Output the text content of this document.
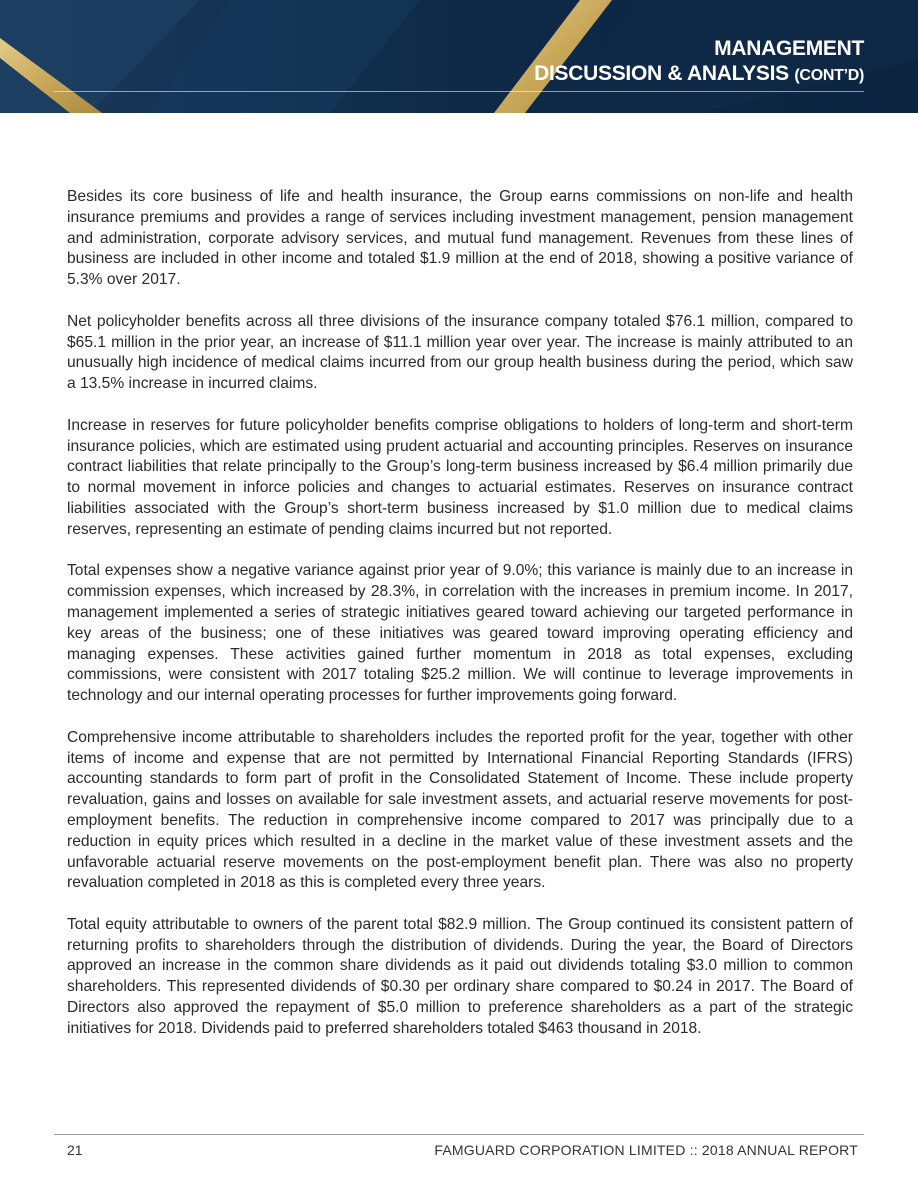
MANAGEMENT
DISCUSSION & ANALYSIS (CONT’D)

Besides its core business of life and health insurance, the Group earns commissions on non-life and health insurance premiums and provides a range of services including investment management, pension management and administration, corporate advisory services, and mutual fund management. Revenues from these lines of business are included in other income and totaled $1.9 million at the end of 2018, showing a positive variance of 5.3% over 2017.

Net policyholder benefits across all three divisions of the insurance company totaled $76.1 million, compared to $65.1 million in the prior year, an increase of $11.1 million year over year. The increase is mainly attributed to an unusually high incidence of medical claims incurred from our group health business during the period, which saw a 13.5% increase in incurred claims.

Increase in reserves for future policyholder benefits comprise obligations to holders of long-term and short-term insurance policies, which are estimated using prudent actuarial and accounting principles. Reserves on insurance contract liabilities that relate principally to the Group’s long-term business increased by $6.4 million primarily due to normal movement in inforce policies and changes to actuarial estimates. Reserves on insurance contract liabilities associated with the Group’s short-term business increased by $1.0 million due to medical claims reserves, representing an estimate of pending claims incurred but not reported.

Total expenses show a negative variance against prior year of 9.0%; this variance is mainly due to an increase in commission expenses, which increased by 28.3%, in correlation with the increases in premium income. In 2017, management implemented a series of strategic initiatives geared toward achieving our targeted performance in key areas of the business; one of these initiatives was geared toward improving operating efficiency and managing expenses. These activities gained further momentum in 2018 as total expenses, excluding commissions, were consistent with 2017 totaling $25.2 million. We will continue to leverage improvements in technology and our internal operating processes for further improvements going forward.

Comprehensive income attributable to shareholders includes the reported profit for the year, together with other items of income and expense that are not permitted by International Financial Reporting Standards (IFRS) accounting standards to form part of profit in the Consolidated Statement of Income. These include property revaluation, gains and losses on available for sale investment assets, and actuarial reserve movements for post-employment benefits. The reduction in comprehensive income compared to 2017 was principally due to a reduction in equity prices which resulted in a decline in the market value of these investment assets and the unfavorable actuarial reserve movements on the post-employment benefit plan. There was also no property revaluation completed in 2018 as this is completed every three years.

Total equity attributable to owners of the parent total $82.9 million. The Group continued its consistent pattern of returning profits to shareholders through the distribution of dividends. During the year, the Board of Directors approved an increase in the common share dividends as it paid out dividends totaling $3.0 million to common shareholders. This represented dividends of $0.30 per ordinary share compared to $0.24 in 2017. The Board of Directors also approved the repayment of $5.0 million to preference shareholders as a part of the strategic initiatives for 2018. Dividends paid to preferred shareholders totaled $463 thousand in 2018.

21	FAMGUARD CORPORATION LIMITED :: 2018 ANNUAL REPORT
